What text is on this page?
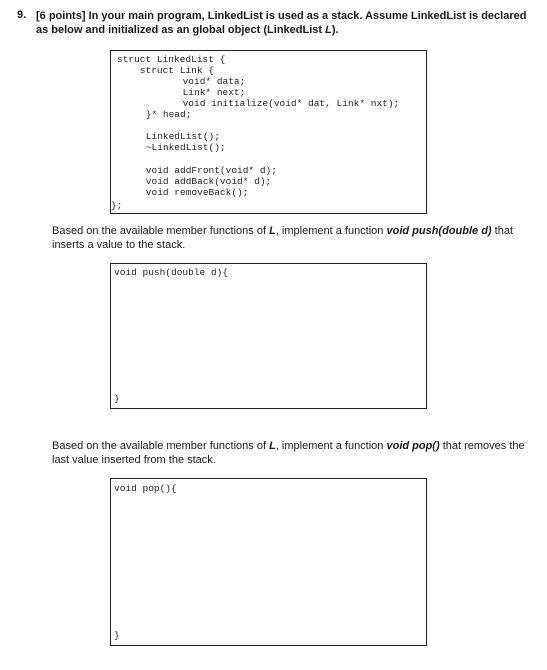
9. [6 points] In your main program, LinkedList is used as a stack. Assume LinkedList is declared as below and initialized as an global object (LinkedList L).
struct LinkedList {
struct Link {
void* data;
Link* next;
void initialize(void* dat, Link* nxt);
}* head;
LinkedList();
~LinkedList();
void addFront(void* d);
void addBack(void* d);
void removeBack();
};
Based on the available member functions of L, implement a function void push(double d) that inserts a value to the stack.
void push(double d){
}
Based on the available member functions of L, implement a function void pop() that removes the last value inserted from the stack.
void pop(){
}
